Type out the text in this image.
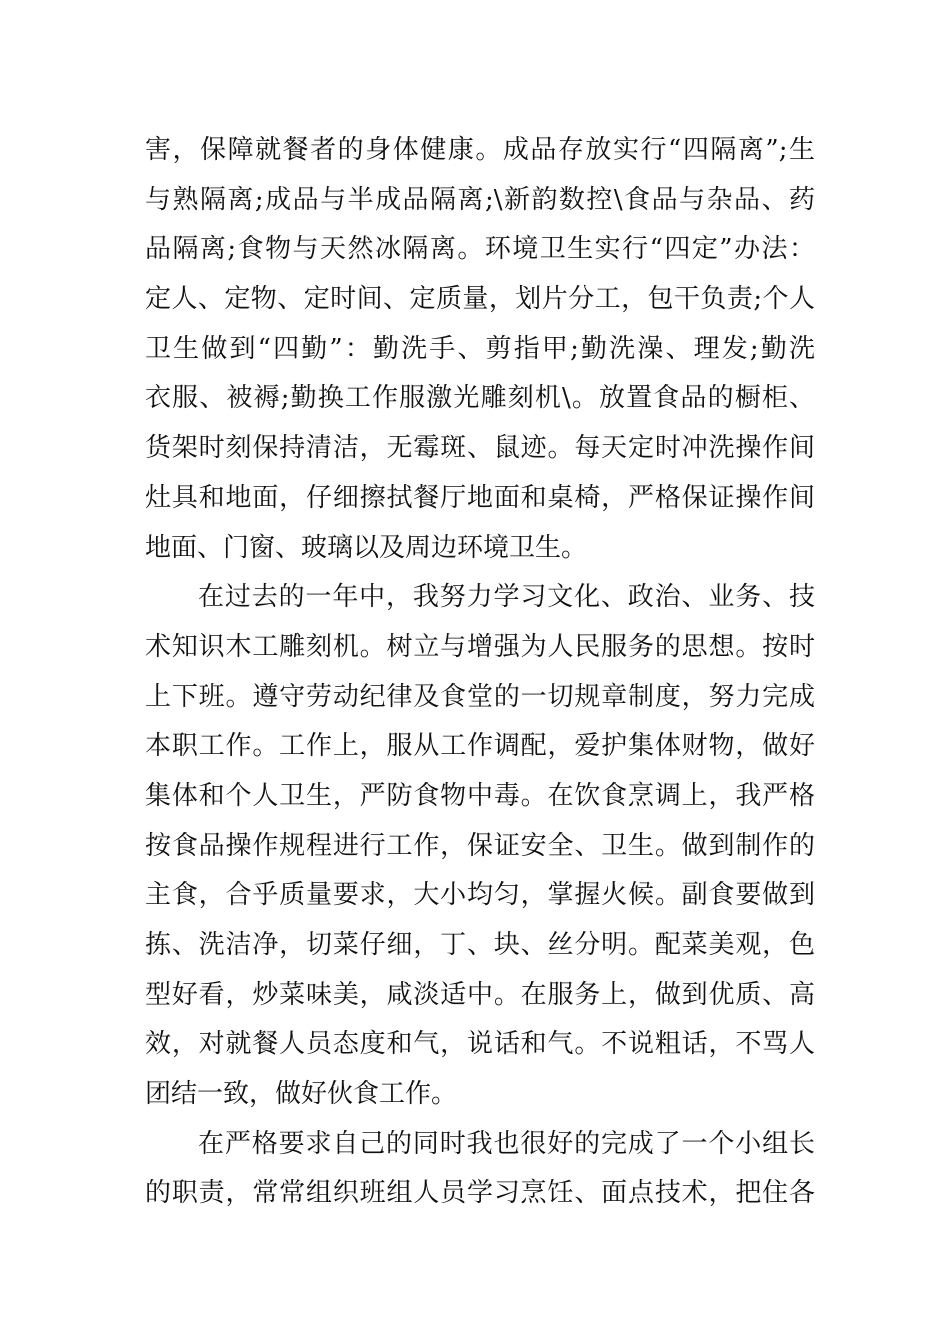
害，保障就餐者的身体健康。成品存放实行“四隔离”;生
与熟隔离;成品与半成品隔离;\新韵数控\食品与杂品、药
品隔离;食物与天然冰隔离。环境卫生实行“四定”办法：
定人、定物、定时间、定质量，划片分工，包干负责;个人
卫生做到“四勤”：勤洗手、剪指甲;勤洗澡、理发;勤洗
衣服、被褥;勤换工作服激光雕刻机\。放置食品的橱柜、
货架时刻保持清洁，无霉斑、鼠迹。每天定时冲洗操作间
灶具和地面，仔细擦拭餐厅地面和桌椅，严格保证操作间
地面、门窗、玻璃以及周边环境卫生。
在过去的一年中，我努力学习文化、政治、业务、技
术知识木工雕刻机。树立与增强为人民服务的思想。按时
上下班。遵守劳动纪律及食堂的一切规章制度，努力完成
本职工作。工作上，服从工作调配，爱护集体财物，做好
集体和个人卫生，严防食物中毒。在饮食烹调上，我严格
按食品操作规程进行工作，保证安全、卫生。做到制作的
主食，合乎质量要求，大小均匀，掌握火候。副食要做到
拣、洗洁净，切菜仔细，丁、块、丝分明。配菜美观，色
型好看，炒菜味美，咸淡适中。在服务上，做到优质、高
效，对就餐人员态度和气，说话和气。不说粗话，不骂人
团结一致，做好伙食工作。
在严格要求自己的同时我也很好的完成了一个小组长
的职责，常常组织班组人员学习烹饪、面点技术，把住各
